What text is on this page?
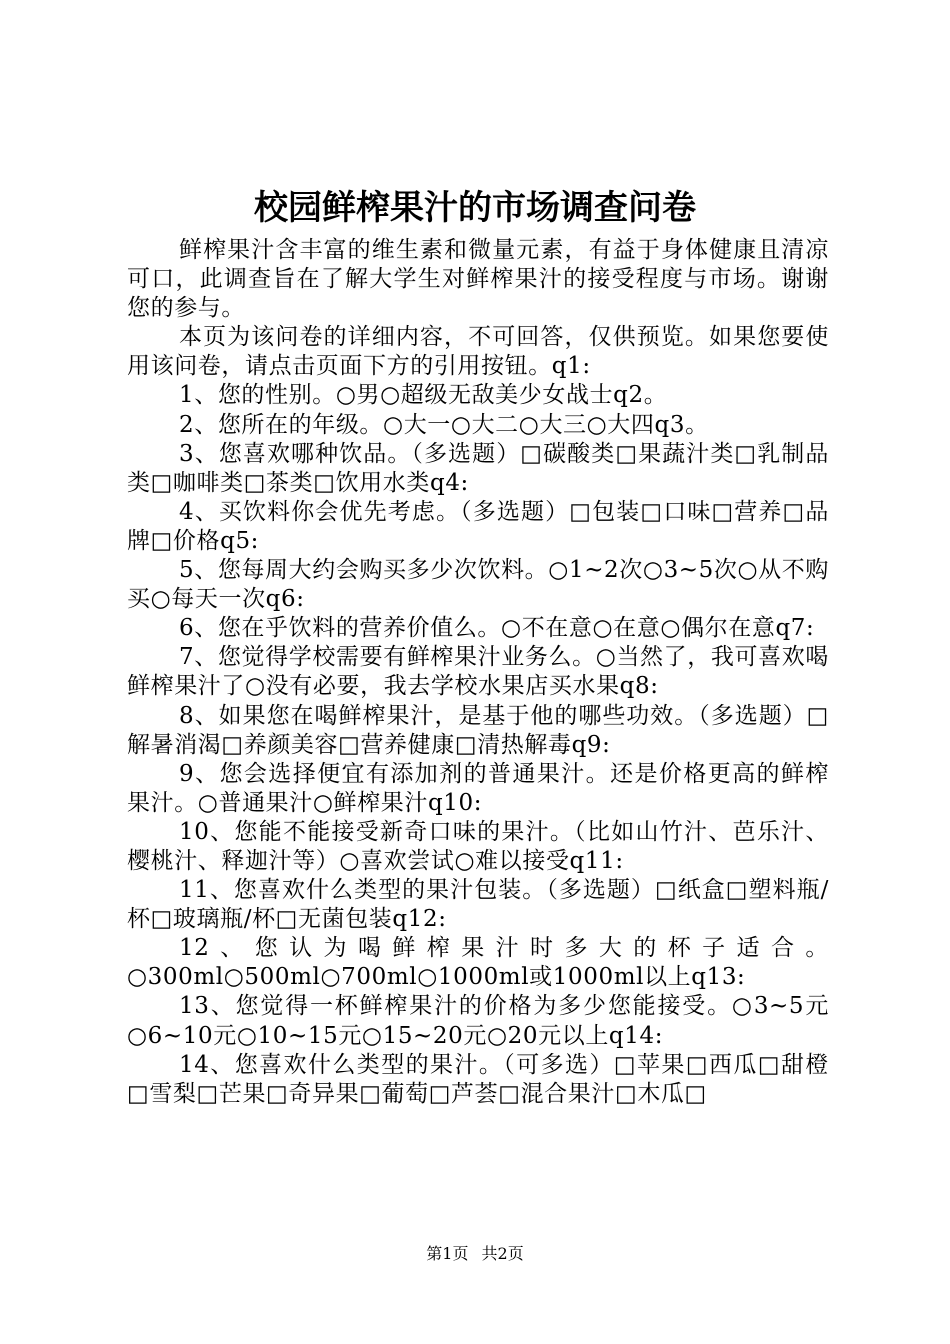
校园鲜榨果汁的市场调查问卷

鲜榨果汁含丰富的维生素和微量元素，有益于身体健康且清凉可口，此调查旨在了解大学生对鲜榨果汁的接受程度与市场。谢谢您的参与。

本页为该问卷的详细内容，不可回答，仅供预览。如果您要使用该问卷，请点击页面下方的引用按钮。q1:

1、您的性别。○男○超级无敌美少女战士q2。

2、您所在的年级。○大一○大二○大三○大四q3。

3、您喜欢哪种饮品。（多选题）□碳酸类□果蔬汁类□乳制品类□咖啡类□茶类□饮用水类q4:

4、买饮料你会优先考虑。（多选题）□包装□口味□营养□品牌□价格q5:

5、您每周大约会购买多少次饮料。○1~2次○3~5次○从不购买○每天一次q6:

6、您在乎饮料的营养价值么。○不在意○在意○偶尔在意q7:

7、您觉得学校需要有鲜榨果汁业务么。○当然了，我可喜欢喝鲜榨果汁了○没有必要，我去学校水果店买水果q8:

8、如果您在喝鲜榨果汁，是基于他的哪些功效。（多选题）□解暑消渴□养颜美容□营养健康□清热解毒q9:

9、您会选择便宜有添加剂的普通果汁。还是价格更高的鲜榨果汁。○普通果汁○鲜榨果汁q10:

10、您能不能接受新奇口味的果汁。（比如山竹汁、芭乐汁、樱桃汁、释迦汁等）○喜欢尝试○难以接受q11:

11、您喜欢什么类型的果汁包装。（多选题）□纸盒□塑料瓶/杯□玻璃瓶/杯□无菌包装q12:

12、您认为喝鲜榨果汁时多大的杯子适合。○300ml○500ml○700ml○1000ml或1000ml以上q13:

13、您觉得一杯鲜榨果汁的价格为多少您能接受。○3~5元○6~10元○10~15元○15~20元○20元以上q14:

14、您喜欢什么类型的果汁。（可多选）□苹果□西瓜□甜橙□雪梨□芒果□奇异果□葡萄□芦荟□混合果汁□木瓜□

第1页 共2页
